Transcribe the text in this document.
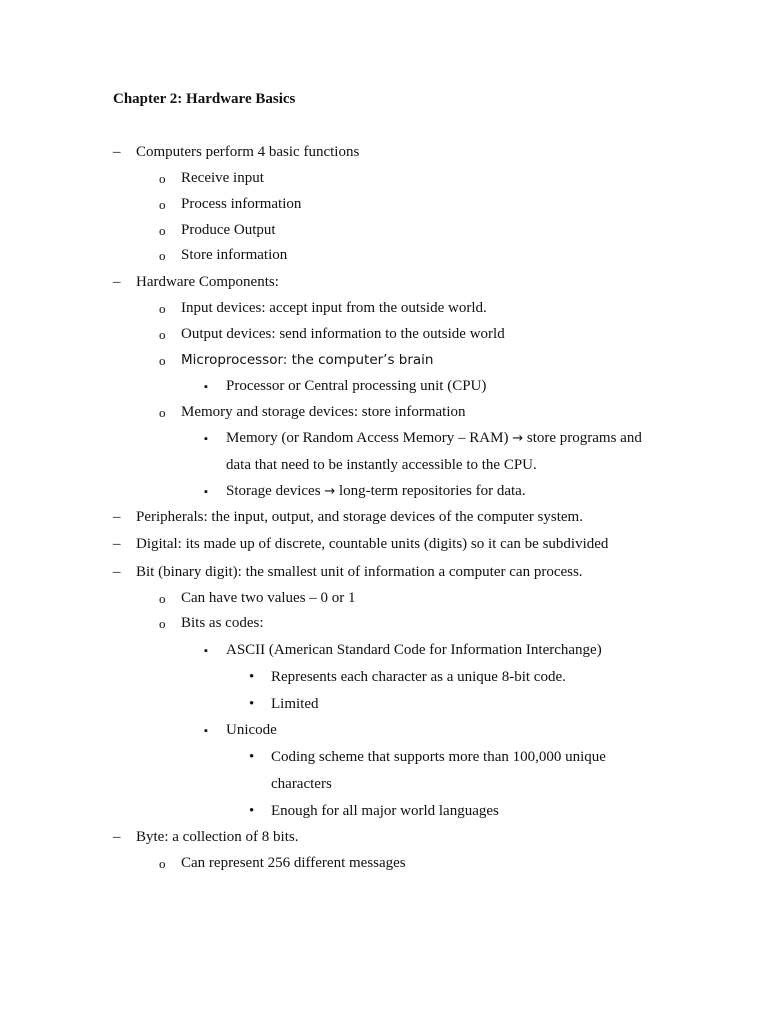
Chapter 2: Hardware Basics
– Computers perform 4 basic functions
o Receive input
o Process information
o Produce Output
o Store information
– Hardware Components:
o Input devices: accept input from the outside world.
o Output devices: send information to the outside world
o Microprocessor: the computer’s brain
▪ Processor or Central processing unit (CPU)
o Memory and storage devices: store information
▪ Memory (or Random Access Memory – RAM) → store programs and
data that need to be instantly accessible to the CPU.
▪ Storage devices → long-term repositories for data.
– Peripherals: the input, output, and storage devices of the computer system.
– Digital: its made up of discrete, countable units (digits) so it can be subdivided
– Bit (binary digit): the smallest unit of information a computer can process.
o Can have two values – 0 or 1
o Bits as codes:
▪ ASCII (American Standard Code for Information Interchange)
• Represents each character as a unique 8-bit code.
• Limited
▪ Unicode
• Coding scheme that supports more than 100,000 unique
characters
• Enough for all major world languages
– Byte: a collection of 8 bits.
o Can represent 256 different messages
